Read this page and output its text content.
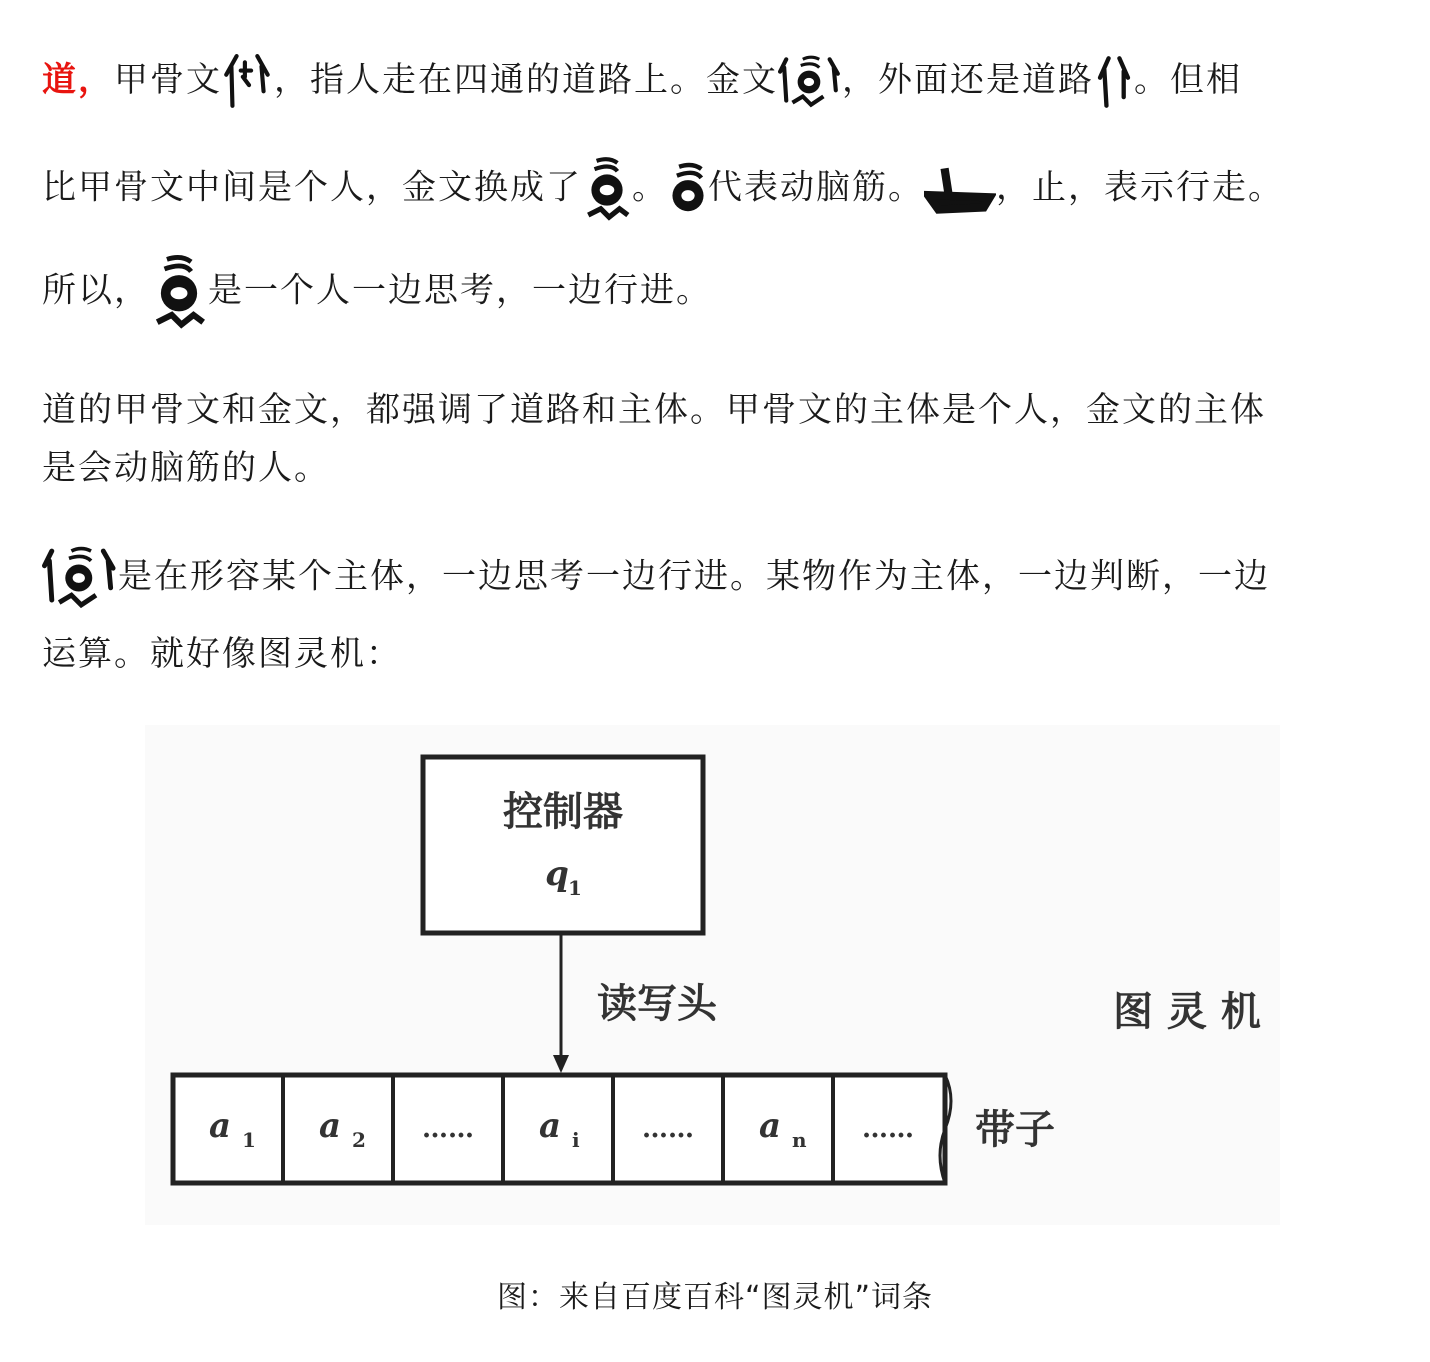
道，甲骨文 ，指人走在四通的道路上。金文 ，外面还是道路 。但相
比甲骨文中间是个人，金文换成了 。 代表动脑筋。 ，止，表示行走。
所以， 是一个人一边思考，一边行进。
道的甲骨文和金文，都强调了道路和主体。甲骨文的主体是个人，金文的主体
是会动脑筋的人。
是在形容某个主体，一边思考一边行进。某物作为主体，一边判断，一边
运算。就好像图灵机：
控制器
q 1
读写头	图 灵 机
a 1 a 2 …… a i …… a n …… 带子
图：来自百度百科“图灵机”词条
